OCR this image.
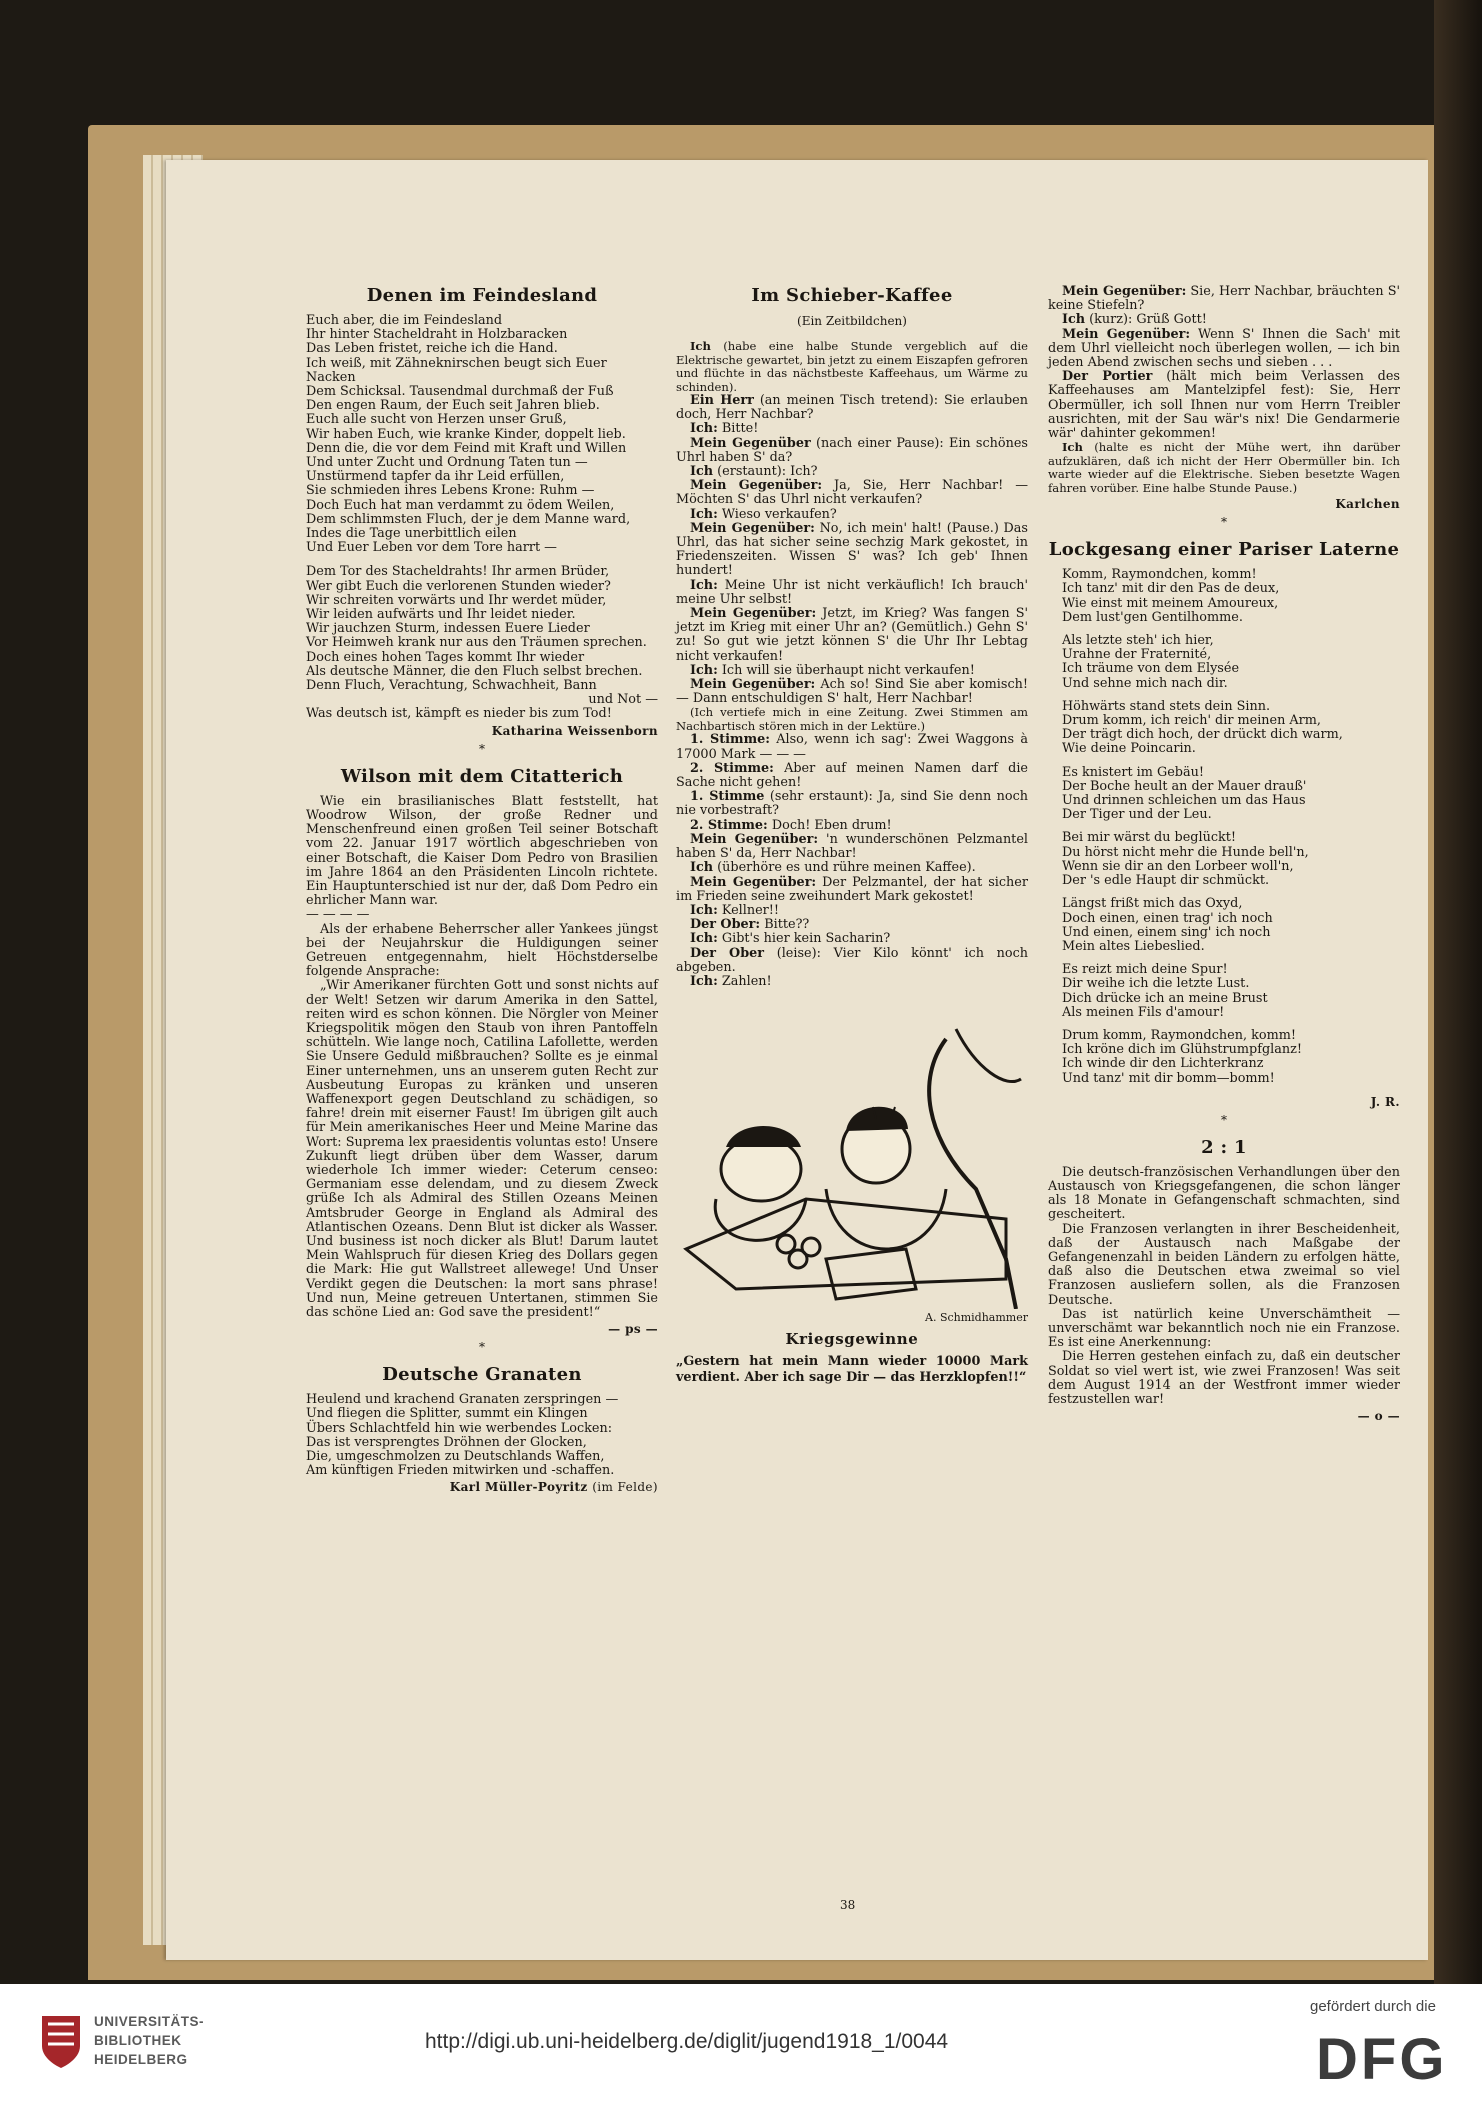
Denen im Feindesland
Euch aber, die im Feindesland
Ihr hinter Stacheldraht in Holzbaracken
Das Leben fristet, reiche ich die Hand.
Ich weiß, mit Zähneknirschen beugt sich Euer Nacken
Dem Schicksal. Tausendmal durchmaß der Fuß
Den engen Raum, der Euch seit Jahren blieb.
Euch alle sucht von Herzen unser Gruß,
Wir haben Euch, wie kranke Kinder, doppelt lieb.
Denn die, die vor dem Feind mit Kraft und Willen
Und unter Zucht und Ordnung Taten tun —
Unstürmend tapfer da ihr Leid erfüllen,
Sie schmieden ihres Lebens Krone: Ruhm —
Doch Euch hat man verdammt zu ödem Weilen,
Dem schlimmsten Fluch, der je dem Manne ward,
Indes die Tage unerbittlich eilen
Und Euer Leben vor dem Tore harrt —
Dem Tor des Stacheldrahts! Ihr armen Brüder,
Wer gibt Euch die verlorenen Stunden wieder?
Wir schreiten vorwärts und Ihr werdet müder,
Wir leiden aufwärts und Ihr leidet nieder.
Wir jauchzen Sturm, indessen Euere Lieder
Vor Heimweh krank nur aus den Träumen sprechen.
Doch eines hohen Tages kommt Ihr wieder
Als deutsche Männer, die den Fluch selbst brechen.
Denn Fluch, Verachtung, Schwachheit, Bann
und Not —
Was deutsch ist, kämpft es nieder bis zum Tod!
Katharina Weissenborn
*
Wilson mit dem Citatterich

Wie ein brasilianisches Blatt feststellt, hat Woodrow Wilson, der große Redner und Menschenfreund einen großen Teil seiner Botschaft vom 22. Januar 1917 wörtlich abgeschrieben von einer Botschaft, die Kaiser Dom Pedro von Brasilien im Jahre 1864 an den Präsidenten Lincoln richtete. Ein Hauptunterschied ist nur der, daß Dom Pedro ein ehrlicher Mann war.

— — — —

Als der erhabene Beherrscher aller Yankees jüngst bei der Neujahrskur die Huldigungen seiner Getreuen entgegennahm, hielt Höchstderselbe folgende Ansprache:

„Wir Amerikaner fürchten Gott und sonst nichts auf der Welt! Setzen wir darum Amerika in den Sattel, reiten wird es schon können. Die Nörgler von Meiner Kriegspolitik mögen den Staub von ihren Pantoffeln schütteln. Wie lange noch, Catilina Lafollette, werden Sie Unsere Geduld mißbrauchen? Sollte es je einmal Einer unternehmen, uns an unserem guten Recht zur Ausbeutung Europas zu kränken und unseren Waffenexport gegen Deutschland zu schädigen, so fahre! drein mit eiserner Faust! Im übrigen gilt auch für Mein amerikanisches Heer und Meine Marine das Wort: Suprema lex praesidentis voluntas esto! Unsere Zukunft liegt drüben über dem Wasser, darum wiederhole Ich immer wieder: Ceterum censeo: Germaniam esse delendam, und zu diesem Zweck grüße Ich als Admiral des Stillen Ozeans Meinen Amtsbruder George in England als Admiral des Atlantischen Ozeans. Denn Blut ist dicker als Wasser. Und business ist noch dicker als Blut! Darum lautet Mein Wahlspruch für diesen Krieg des Dollars gegen die Mark: Hie gut Wallstreet allewege! Und Unser Verdikt gegen die Deutschen: la mort sans phrase! Und nun, Meine getreuen Untertanen, stimmen Sie das schöne Lied an: God save the president!“

— ps —
*
Deutsche Granaten
Heulend und krachend Granaten zerspringen —
Und fliegen die Splitter, summt ein Klingen
Übers Schlachtfeld hin wie werbendes Locken:
Das ist versprengtes Dröhnen der Glocken,
Die, umgeschmolzen zu Deutschlands Waffen,
Am künftigen Frieden mitwirken und -schaffen.
Karl Müller-Poyritz (im Felde)
Im Schieber-Kaffee
(Ein Zeitbildchen)

Ich (habe eine halbe Stunde vergeblich auf die Elektrische gewartet, bin jetzt zu einem Eiszapfen gefroren und flüchte in das nächstbeste Kaffeehaus, um Wärme zu schinden).

Ein Herr (an meinen Tisch tretend): Sie erlauben doch, Herr Nachbar?

Ich: Bitte!

Mein Gegenüber (nach einer Pause): Ein schönes Uhrl haben S' da?

Ich (erstaunt): Ich?

Mein Gegenüber: Ja, Sie, Herr Nachbar! — Möchten S' das Uhrl nicht verkaufen?

Ich: Wieso verkaufen?

Mein Gegenüber: No, ich mein' halt! (Pause.) Das Uhrl, das hat sicher seine sechzig Mark gekostet, in Friedenszeiten. Wissen S' was? Ich geb' Ihnen hundert!

Ich: Meine Uhr ist nicht verkäuflich! Ich brauch' meine Uhr selbst!

Mein Gegenüber: Jetzt, im Krieg? Was fangen S' jetzt im Krieg mit einer Uhr an? (Gemütlich.) Gehn S' zu! So gut wie jetzt können S' die Uhr Ihr Lebtag nicht verkaufen!

Ich: Ich will sie überhaupt nicht verkaufen!

Mein Gegenüber: Ach so! Sind Sie aber komisch! — Dann entschuldigen S' halt, Herr Nachbar!

(Ich vertiefe mich in eine Zeitung. Zwei Stimmen am Nachbartisch stören mich in der Lektüre.)

1. Stimme: Also, wenn ich sag': Zwei Waggons à 17000 Mark — — —

2. Stimme: Aber auf meinen Namen darf die Sache nicht gehen!

1. Stimme (sehr erstaunt): Ja, sind Sie denn noch nie vorbestraft?

2. Stimme: Doch! Eben drum!

Mein Gegenüber: 'n wunderschönen Pelzmantel haben S' da, Herr Nachbar!

Ich (überhöre es und rühre meinen Kaffee).

Mein Gegenüber: Der Pelzmantel, der hat sicher im Frieden seine zweihundert Mark gekostet!

Ich: Kellner!!

Der Ober: Bitte??

Ich: Gibt's hier kein Sacharin?

Der Ober (leise): Vier Kilo könnt' ich noch abgeben.

Ich: Zahlen!

A. Schmidhammer
Kriegsgewinne
„Gestern hat mein Mann wieder 10000 Mark verdient. Aber ich sage Dir — das Herzklopfen!!“

Mein Gegenüber: Sie, Herr Nachbar, bräuchten S' keine Stiefeln?

Ich (kurz): Grüß Gott!

Mein Gegenüber: Wenn S' Ihnen die Sach' mit dem Uhrl vielleicht noch überlegen wollen, — ich bin jeden Abend zwischen sechs und sieben . . .

Der Portier (hält mich beim Verlassen des Kaffeehauses am Mantelzipfel fest): Sie, Herr Obermüller, ich soll Ihnen nur vom Herrn Treibler ausrichten, mit der Sau wär's nix! Die Gendarmerie wär' dahinter gekommen!

Ich (halte es nicht der Mühe wert, ihn darüber aufzuklären, daß ich nicht der Herr Obermüller bin. Ich warte wieder auf die Elektrische. Sieben besetzte Wagen fahren vorüber. Eine halbe Stunde Pause.)

Karlchen
*
Lockgesang einer Pariser Laterne
Komm, Raymondchen, komm!
Ich tanz' mit dir den Pas de deux,
Wie einst mit meinem Amoureux,
Dem lust'gen Gentilhomme.
Als letzte steh' ich hier,
Urahne der Fraternité,
Ich träume von dem Elysée
Und sehne mich nach dir.
Höhwärts stand stets dein Sinn.
Drum komm, ich reich' dir meinen Arm,
Der trägt dich hoch, der drückt dich warm,
Wie deine Poincarin.
Es knistert im Gebäu!
Der Boche heult an der Mauer drauß'
Und drinnen schleichen um das Haus
Der Tiger und der Leu.
Bei mir wärst du beglückt!
Du hörst nicht mehr die Hunde bell'n,
Wenn sie dir an den Lorbeer woll'n,
Der 's edle Haupt dir schmückt.
Längst frißt mich das Oxyd,
Doch einen, einen trag' ich noch
Und einen, einem sing' ich noch
Mein altes Liebeslied.
Es reizt mich deine Spur!
Dir weihe ich die letzte Lust.
Dich drücke ich an meine Brust
Als meinen Fils d'amour!
Drum komm, Raymondchen, komm!
Ich kröne dich im Glühstrumpfglanz!
Ich winde dir den Lichterkranz
Und tanz' mit dir bomm—bomm!
J. R.
*
2 : 1

Die deutsch-französischen Verhandlungen über den Austausch von Kriegsgefangenen, die schon länger als 18 Monate in Gefangenschaft schmachten, sind gescheitert.

Die Franzosen verlangten in ihrer Bescheidenheit, daß der Austausch nach Maßgabe der Gefangenenzahl in beiden Ländern zu erfolgen hätte, daß also die Deutschen etwa zweimal so viel Franzosen ausliefern sollen, als die Franzosen Deutsche.

Das ist natürlich keine Unverschämtheit — unverschämt war bekanntlich noch nie ein Franzose. Es ist eine Anerkennung:

Die Herren gestehen einfach zu, daß ein deutscher Soldat so viel wert ist, wie zwei Franzosen! Was seit dem August 1914 an der Westfront immer wieder festzustellen war!

— o —
38
UNIVERSITÄTS-
BIBLIOTHEK
HEIDELBERG
http://digi.ub.uni-heidelberg.de/diglit/jugend1918_1/0044
gefördert durch die
DFG
